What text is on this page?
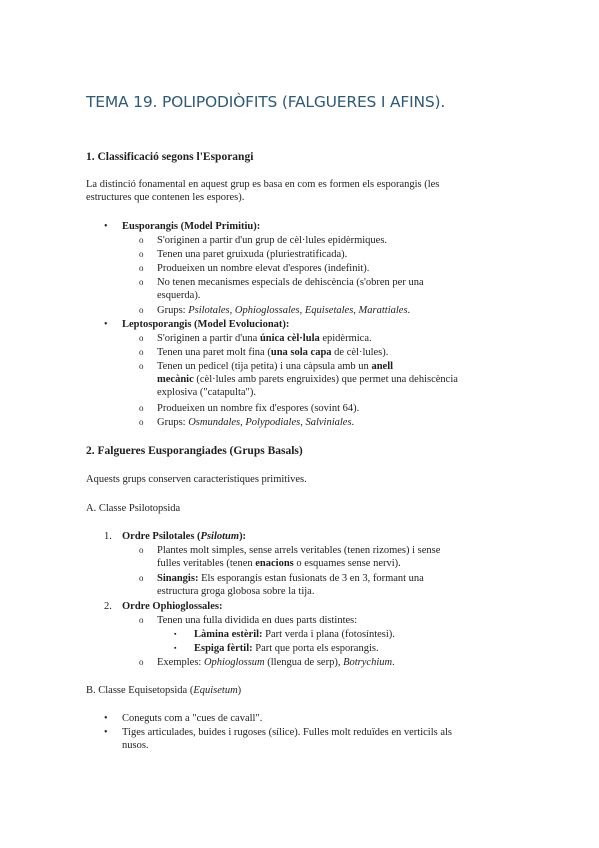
TEMA 19. POLIPODIÒFITS (FALGUERES I AFINS).
1. Classificació segons l'Esporangi
La distinció fonamental en aquest grup es basa en com es formen els esporangis (les
estructures que contenen les espores).
• Eusporangis (Model Primitiu):
o S'originen a partir d'un grup de cèl·lules epidèrmiques.
o Tenen una paret gruixuda (pluriestratificada).
o Produeixen un nombre elevat d'espores (indefinit).
o No tenen mecanismes especials de dehiscència (s'obren per una
esquerda).
o Grups: Psilotales, Ophioglossales, Equisetales, Marattiales.
• Leptosporangis (Model Evolucionat):
o S'originen a partir d'una única cèl·lula epidèrmica.
o Tenen una paret molt fina (una sola capa de cèl·lules).
o Tenen un pedicel (tija petita) i una càpsula amb un anell
mecànic (cèl·lules amb parets engruixides) que permet una dehiscència
explosiva ("catapulta").
o Produeixen un nombre fix d'espores (sovint 64).
o Grups: Osmundales, Polypodiales, Salviniales.
2. Falgueres Eusporangiades (Grups Basals)
Aquests grups conserven característiques primitives.
A. Classe Psilotopsida
1. Ordre Psilotales (Psilotum):
o Plantes molt simples, sense arrels veritables (tenen rizomes) i sense
fulles veritables (tenen enacions o esquames sense nervi).
o Sinangis: Els esporangis estan fusionats de 3 en 3, formant una
estructura groga globosa sobre la tija.
2. Ordre Ophioglossales:
o Tenen una fulla dividida en dues parts distintes:
▪ Làmina estèril: Part verda i plana (fotosíntesi).
▪ Espiga fèrtil: Part que porta els esporangis.
o Exemples: Ophioglossum (llengua de serp), Botrychium.
B. Classe Equisetopsida (Equisetum)
• Coneguts com a "cues de cavall".
• Tiges articulades, buides i rugoses (sílice). Fulles molt reduïdes en verticils als
nusos.
